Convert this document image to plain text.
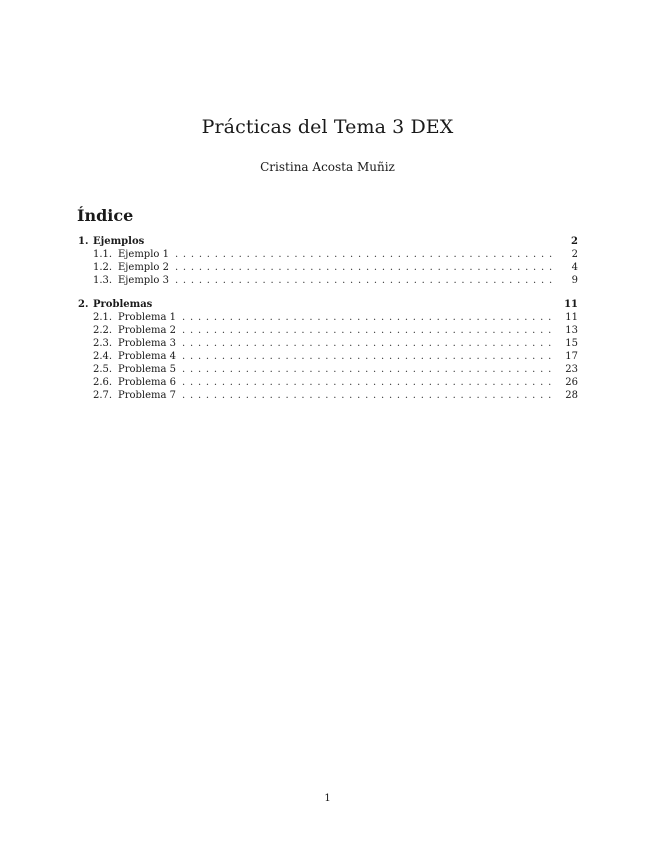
Prácticas del Tema 3 DEX
Cristina Acosta Muñiz
Índice
1. Ejemplos	2
1.1. Ejemplo 1 . . .	2
1.2. Ejemplo 2 . . .	4
1.3. Ejemplo 3 . . .	9
2. Problemas	11
2.1. Problema 1 . . .	11
2.2. Problema 2 . . .	13
2.3. Problema 3 . . .	15
2.4. Problema 4 . . .	17
2.5. Problema 5 . . .	23
2.6. Problema 6 . . .	26
2.7. Problema 7 . . .	28
1
